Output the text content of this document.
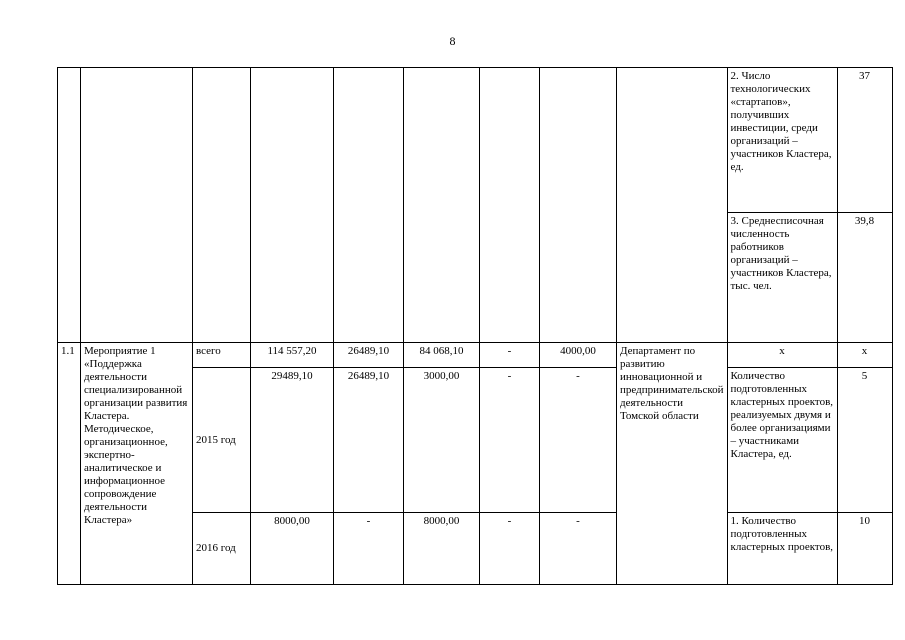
8
									2. Число технологических «стартапов», получивших инвестиции, среди организаций – участников Кластера, ед.	37
									3. Среднесписочная численность работников организаций – участников Кластера, тыс. чел.	39,8
1.1	Мероприятие 1 «Поддержка деятельности специализированной организации развития Кластера. Методическое, организационное, экспертно-аналитическое и информационное сопровождение деятельности Кластера»	всего	114 557,20	26489,10	84 068,10	-	4000,00	Департамент по развитию инновационной и предпринимательской деятельности Томской области	x	x
		2015 год	29489,10	26489,10	3000,00	-	-		Количество подготовленных кластерных проектов, реализуемых двумя и более организациями – участниками Кластера, ед.	5
		2016 год	8000,00	-	8000,00	-	-		1. Количество подготовленных кластерных проектов,	10
